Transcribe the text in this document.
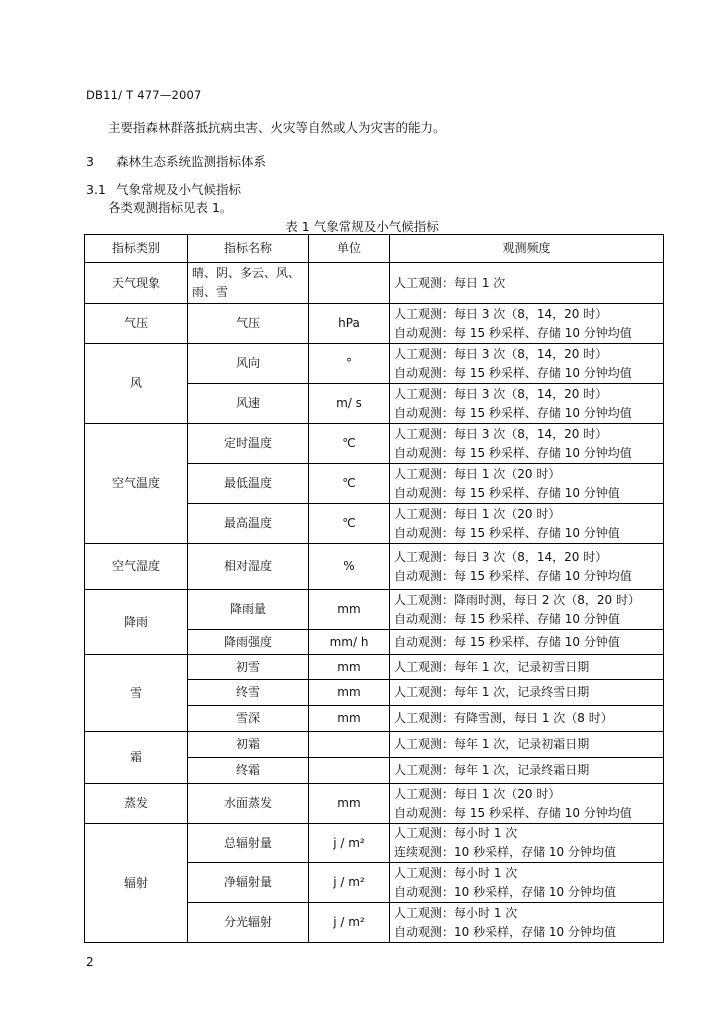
DB11/ T 477—2007
主要指森林群落抵抗病虫害、火灾等自然或人为灾害的能力。
3 森林生态系统监测指标体系
3.1 气象常规及小气候指标
各类观测指标见表 1。
表 1 气象常规及小气候指标
指标类别	指标名称	单位	观测频度
天气现象	晴、阴、多云、风、雨、雪		人工观测：每日 1 次
气压	气压	hPa	人工观测：每日 3 次（8，14，20 时）
自动观测：每 15 秒采样、存储 10 分钟均值
风	风向	°	人工观测：每日 3 次（8，14，20 时）
自动观测：每 15 秒采样、存储 10 分钟均值
	风速	m/ s	人工观测：每日 3 次（8，14，20 时）
自动观测：每 15 秒采样、存储 10 分钟均值
空气温度	定时温度	℃	人工观测：每日 3 次（8，14，20 时）
自动观测：每 15 秒采样、存储 10 分钟均值
	最低温度	℃	人工观测：每日 1 次（20 时）
自动观测：每 15 秒采样、存储 10 分钟值
	最高温度	℃	人工观测：每日 1 次（20 时）
自动观测：每 15 秒采样、存储 10 分钟值
空气湿度	相对湿度	%	人工观测：每日 3 次（8，14，20 时）
自动观测：每 15 秒采样、存储 10 分钟均值
降雨	降雨量	mm	人工观测：降雨时测，每日 2 次（8，20 时）
自动观测：每 15 秒采样、存储 10 分钟值
	降雨强度	mm/ h	自动观测：每 15 秒采样、存储 10 分钟值
雪	初雪	mm	人工观测：每年 1 次，记录初雪日期
	终雪	mm	人工观测：每年 1 次，记录终雪日期
	雪深	mm	人工观测：有降雪测，每日 1 次（8 时）
霜	初霜		人工观测：每年 1 次，记录初霜日期
	终霜		人工观测：每年 1 次，记录终霜日期
蒸发	水面蒸发	mm	人工观测：每日 1 次（20 时）
自动观测：每 15 秒采样、存储 10 分钟均值
辐射	总辐射量	j / m²	人工观测：每小时 1 次
连续观测：10 秒采样，存储 10 分钟均值
	净辐射量	j / m²	人工观测：每小时 1 次
自动观测：10 秒采样，存储 10 分钟均值
	分光辐射	j / m²	人工观测：每小时 1 次
自动观测：10 秒采样，存储 10 分钟均值
2
